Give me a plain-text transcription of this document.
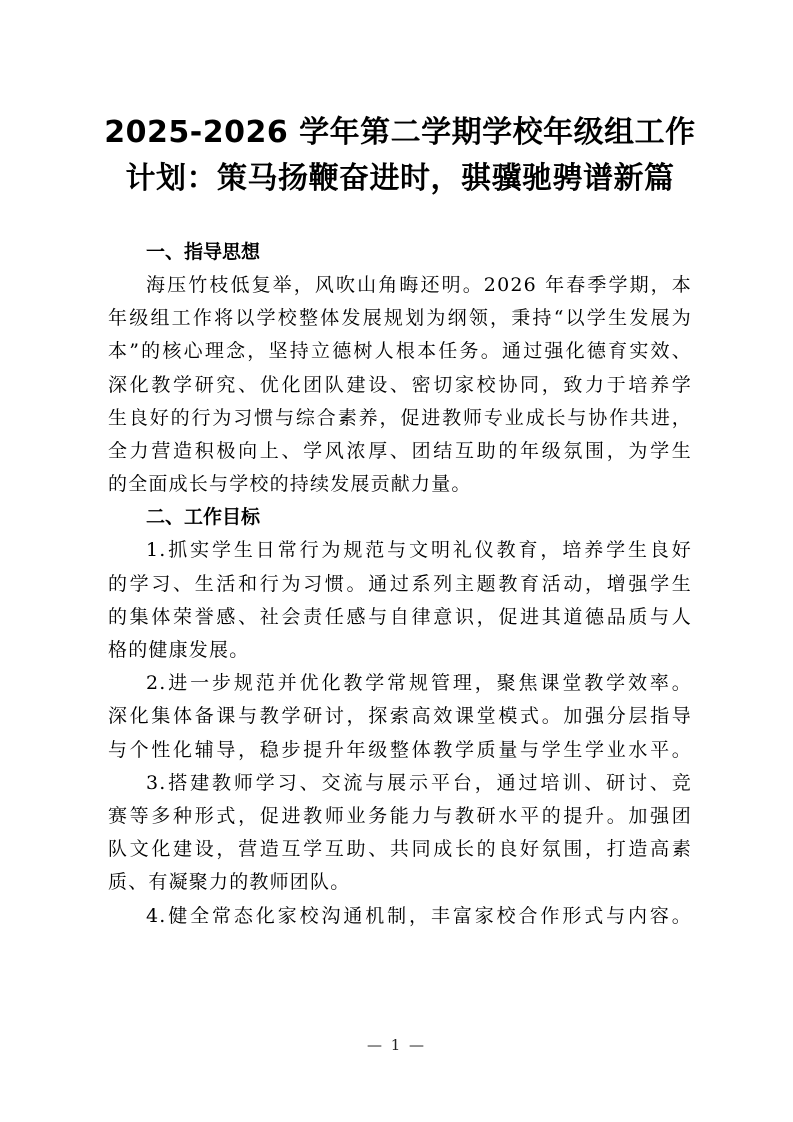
2025-2026 学年第二学期学校年级组工作
计划：策马扬鞭奋进时，骐骥驰骋谱新篇
一、指导思想
海压竹枝低复举，风吹山角晦还明。2026 年春季学期，本
年级组工作将以学校整体发展规划为纲领，秉持“以学生发展为
本”的核心理念，坚持立德树人根本任务。通过强化德育实效、
深化教学研究、优化团队建设、密切家校协同，致力于培养学
生良好的行为习惯与综合素养，促进教师专业成长与协作共进，
全力营造积极向上、学风浓厚、团结互助的年级氛围，为学生
的全面成长与学校的持续发展贡献力量。
二、工作目标
1.抓实学生日常行为规范与文明礼仪教育，培养学生良好
的学习、生活和行为习惯。通过系列主题教育活动，增强学生
的集体荣誉感、社会责任感与自律意识，促进其道德品质与人
格的健康发展。
2.进一步规范并优化教学常规管理，聚焦课堂教学效率。
深化集体备课与教学研讨，探索高效课堂模式。加强分层指导
与个性化辅导，稳步提升年级整体教学质量与学生学业水平。
3.搭建教师学习、交流与展示平台，通过培训、研讨、竞
赛等多种形式，促进教师业务能力与教研水平的提升。加强团
队文化建设，营造互学互助、共同成长的良好氛围，打造高素
质、有凝聚力的教师团队。
4.健全常态化家校沟通机制，丰富家校合作形式与内容。
— 1 —
